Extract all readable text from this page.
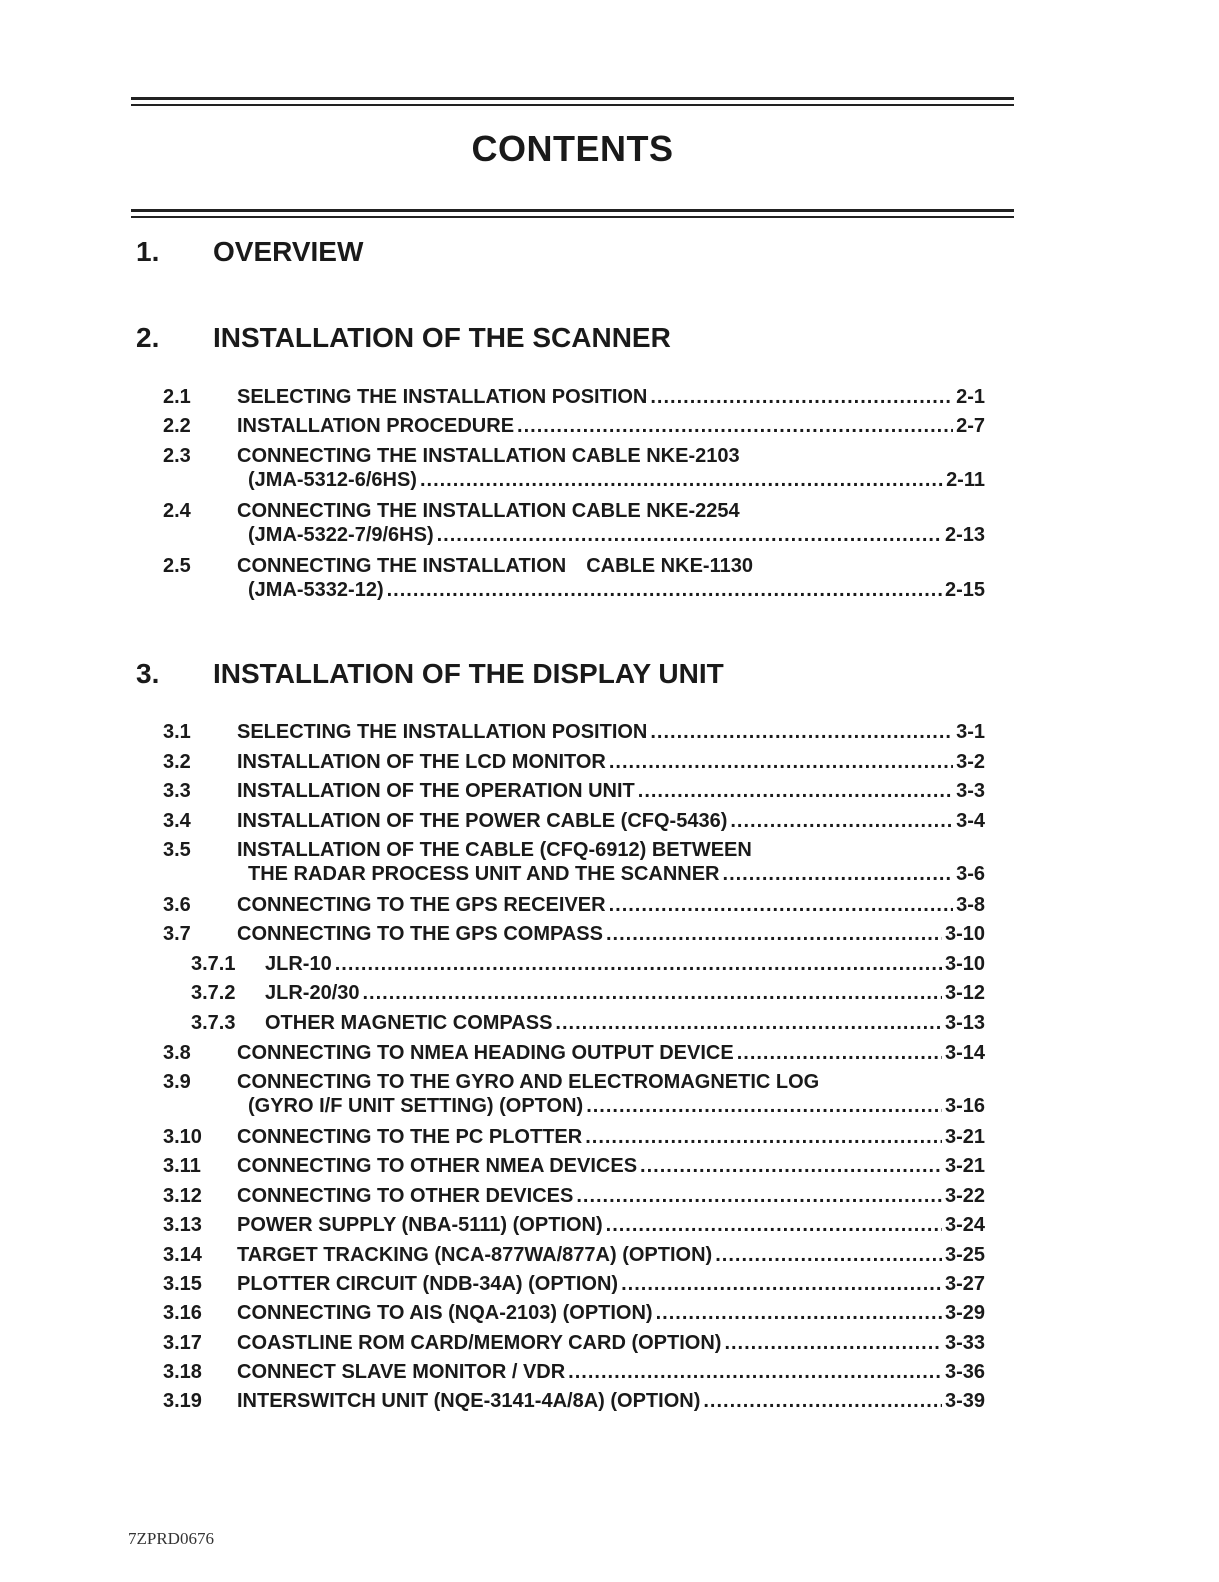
CONTENTS
1. OVERVIEW
2. INSTALLATION OF THE SCANNER
2.1	SELECTING THE INSTALLATION POSITION .....	2-1
2.2	INSTALLATION PROCEDURE .....	2-7
2.3	CONNECTING THE INSTALLATION CABLE NKE-2103
(JMA-5312-6/6HS) .....	2-11
2.4	CONNECTING THE INSTALLATION CABLE NKE-2254
(JMA-5322-7/9/6HS) .....	2-13
2.5	CONNECTING THE INSTALLATION　CABLE NKE-1130
(JMA-5332-12) .....	2-15
3. INSTALLATION OF THE DISPLAY UNIT
3.1	SELECTING THE INSTALLATION POSITION .....	3-1
3.2	INSTALLATION OF THE LCD MONITOR .....	3-2
3.3	INSTALLATION OF THE OPERATION UNIT .....	3-3
3.4	INSTALLATION OF THE POWER CABLE (CFQ-5436) .....	3-4
3.5	INSTALLATION OF THE CABLE (CFQ-6912) BETWEEN
THE RADAR PROCESS UNIT AND THE SCANNER .....	3-6
3.6	CONNECTING TO THE GPS RECEIVER .....	3-8
3.7	CONNECTING TO THE GPS COMPASS .....	3-10
3.7.1	JLR-10 .....	3-10
3.7.2	JLR-20/30 .....	3-12
3.7.3	OTHER MAGNETIC COMPASS .....	3-13
3.8	CONNECTING TO NMEA HEADING OUTPUT DEVICE .....	3-14
3.9	CONNECTING TO THE GYRO AND ELECTROMAGNETIC LOG
(GYRO I/F UNIT SETTING) (OPTON) .....	3-16
3.10	CONNECTING TO THE PC PLOTTER .....	3-21
3.11	CONNECTING TO OTHER NMEA DEVICES .....	3-21
3.12	CONNECTING TO OTHER DEVICES .....	3-22
3.13	POWER SUPPLY (NBA-5111) (OPTION) .....	3-24
3.14	TARGET TRACKING (NCA-877WA/877A) (OPTION) .....	3-25
3.15	PLOTTER CIRCUIT (NDB-34A) (OPTION) .....	3-27
3.16	CONNECTING TO AIS (NQA-2103) (OPTION) .....	3-29
3.17	COASTLINE ROM CARD/MEMORY CARD (OPTION) .....	3-33
3.18	CONNECT SLAVE MONITOR / VDR .....	3-36
3.19	INTERSWITCH UNIT (NQE-3141-4A/8A) (OPTION) .....	3-39
7ZPRD0676
